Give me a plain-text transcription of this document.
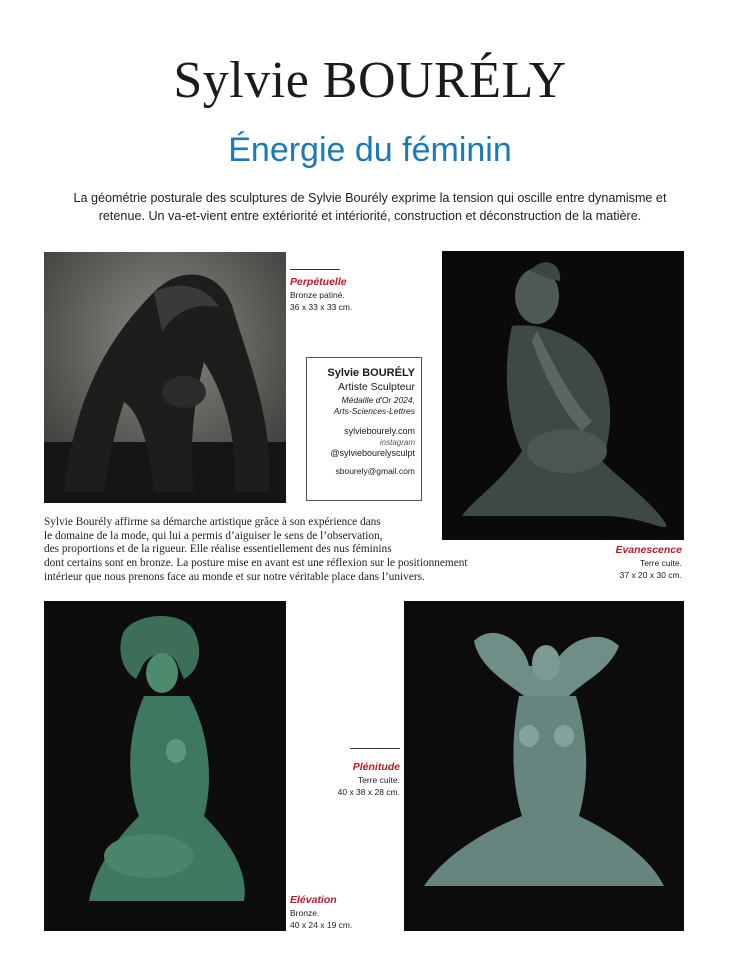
Sylvie BOURÉLY
Énergie du féminin
La géométrie posturale des sculptures de Sylvie Bourély exprime la tension qui oscille entre dynamisme et retenue. Un va-et-vient entre extériorité et intériorité, construction et déconstruction de la matière.
Perpétuelle
Bronze patiné.
36 x 33 x 33 cm.
Sylvie BOURÉLY
Artiste Sculpteur
Médaille d'Or 2024,
Arts-Sciences-Lettres
sylviebourely.com
instagram
@sylviebourelysculpt
sbourely@gmail.com
Evanescence
Terre cuite.
37 x 20 x 30 cm.
Sylvie Bourély affirme sa démarche artistique grâce à son expérience dans
le domaine de la mode, qui lui a permis d’aiguiser le sens de l’observation,
des proportions et de la rigueur. Elle réalise essentiellement des nus féminins
dont certains sont en bronze. La posture mise en avant est une réflexion sur le positionnement
intérieur que nous prenons face au monde et sur notre véritable place dans l’univers.
Elévation
Bronze.
40 x 24 x 19 cm.
Plénitude
Terre cuite.
40 x 38 x 28 cm.
